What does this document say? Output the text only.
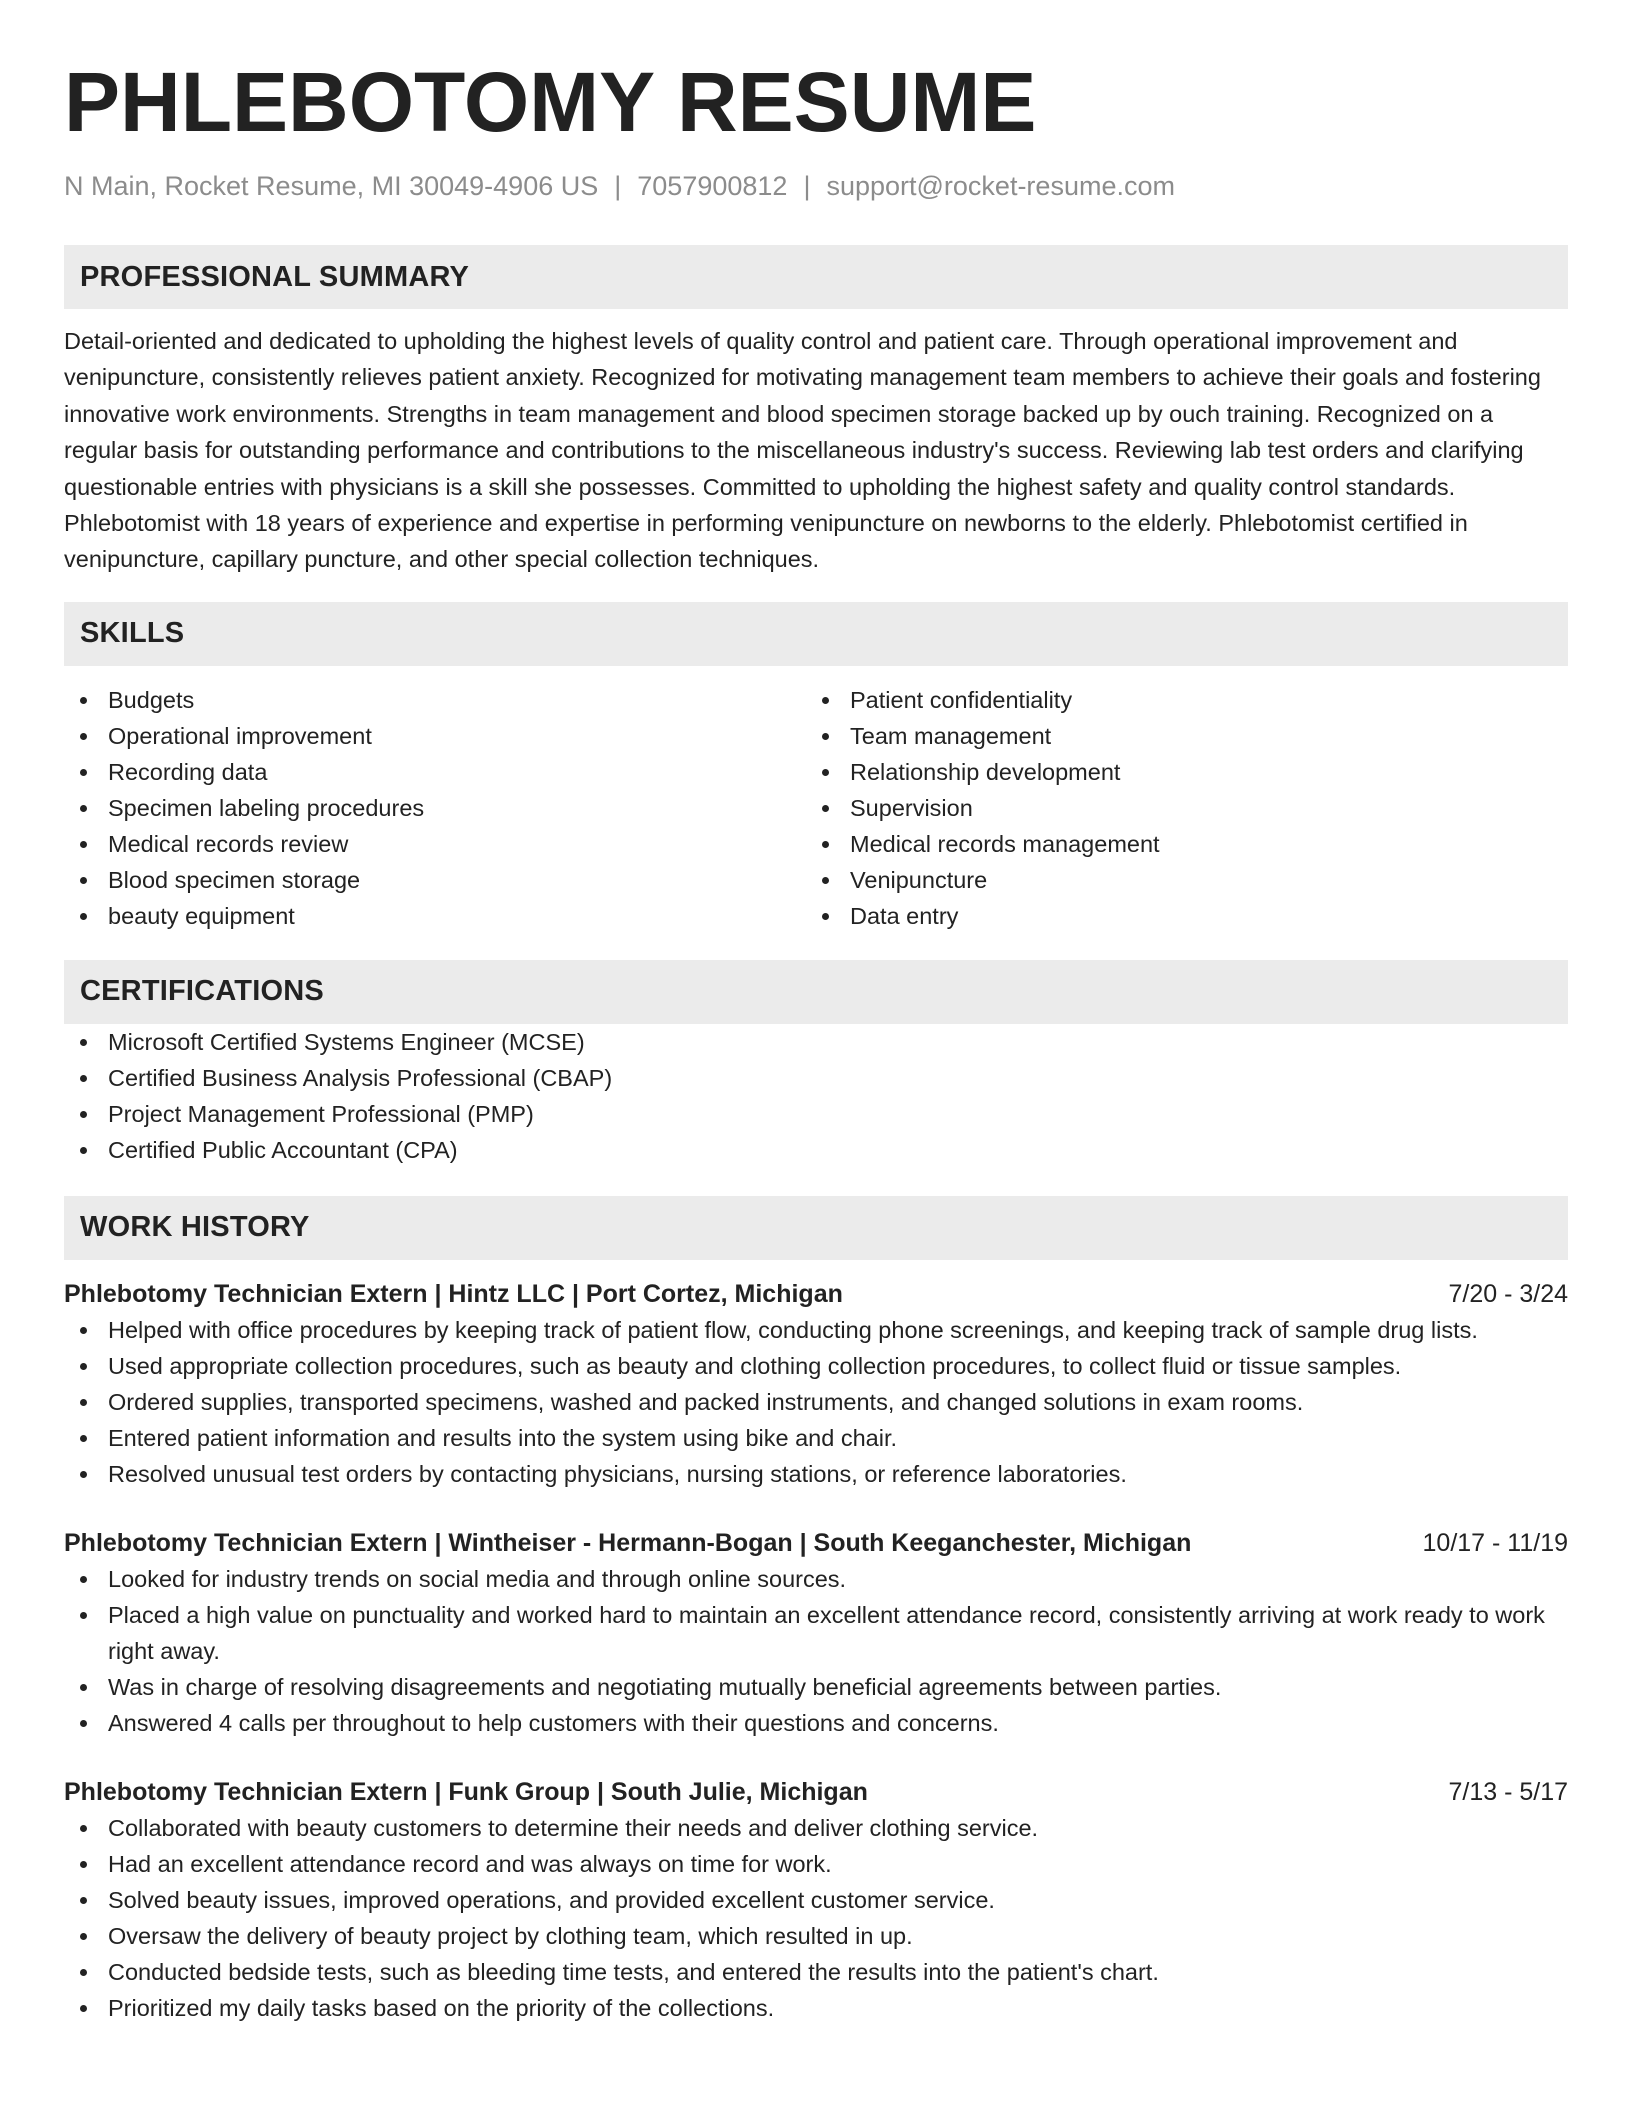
PHLEBOTOMY RESUME
N Main, Rocket Resume, MI 30049-4906 US | 7057900812 | support@rocket-resume.com
PROFESSIONAL SUMMARY

Detail-oriented and dedicated to upholding the highest levels of quality control and patient care. Through operational improvement and venipuncture, consistently relieves patient anxiety. Recognized for motivating management team members to achieve their goals and fostering innovative work environments. Strengths in team management and blood specimen storage backed up by ouch training. Recognized on a regular basis for outstanding performance and contributions to the miscellaneous industry's success. Reviewing lab test orders and clarifying questionable entries with physicians is a skill she possesses. Committed to upholding the highest safety and quality control standards. Phlebotomist with 18 years of experience and expertise in performing venipuncture on newborns to the elderly. Phlebotomist certified in venipuncture, capillary puncture, and other special collection techniques.

SKILLS
Budgets
Operational improvement
Recording data
Specimen labeling procedures
Medical records review
Blood specimen storage
beauty equipment
Patient confidentiality
Team management
Relationship development
Supervision
Medical records management
Venipuncture
Data entry
CERTIFICATIONS
Microsoft Certified Systems Engineer (MCSE)
Certified Business Analysis Professional (CBAP)
Project Management Professional (PMP)
Certified Public Accountant (CPA)
WORK HISTORY
Phlebotomy Technician Extern | Hintz LLC | Port Cortez, Michigan	7/20 - 3/24
Helped with office procedures by keeping track of patient flow, conducting phone screenings, and keeping track of sample drug lists.
Used appropriate collection procedures, such as beauty and clothing collection procedures, to collect fluid or tissue samples.
Ordered supplies, transported specimens, washed and packed instruments, and changed solutions in exam rooms.
Entered patient information and results into the system using bike and chair.
Resolved unusual test orders by contacting physicians, nursing stations, or reference laboratories.
Phlebotomy Technician Extern | Wintheiser - Hermann-Bogan | South Keeganchester, Michigan	10/17 - 11/19
Looked for industry trends on social media and through online sources.
Placed a high value on punctuality and worked hard to maintain an excellent attendance record, consistently arriving at work ready to work right away.
Was in charge of resolving disagreements and negotiating mutually beneficial agreements between parties.
Answered 4 calls per throughout to help customers with their questions and concerns.
Phlebotomy Technician Extern | Funk Group | South Julie, Michigan	7/13 - 5/17
Collaborated with beauty customers to determine their needs and deliver clothing service.
Had an excellent attendance record and was always on time for work.
Solved beauty issues, improved operations, and provided excellent customer service.
Oversaw the delivery of beauty project by clothing team, which resulted in up.
Conducted bedside tests, such as bleeding time tests, and entered the results into the patient's chart.
Prioritized my daily tasks based on the priority of the collections.
